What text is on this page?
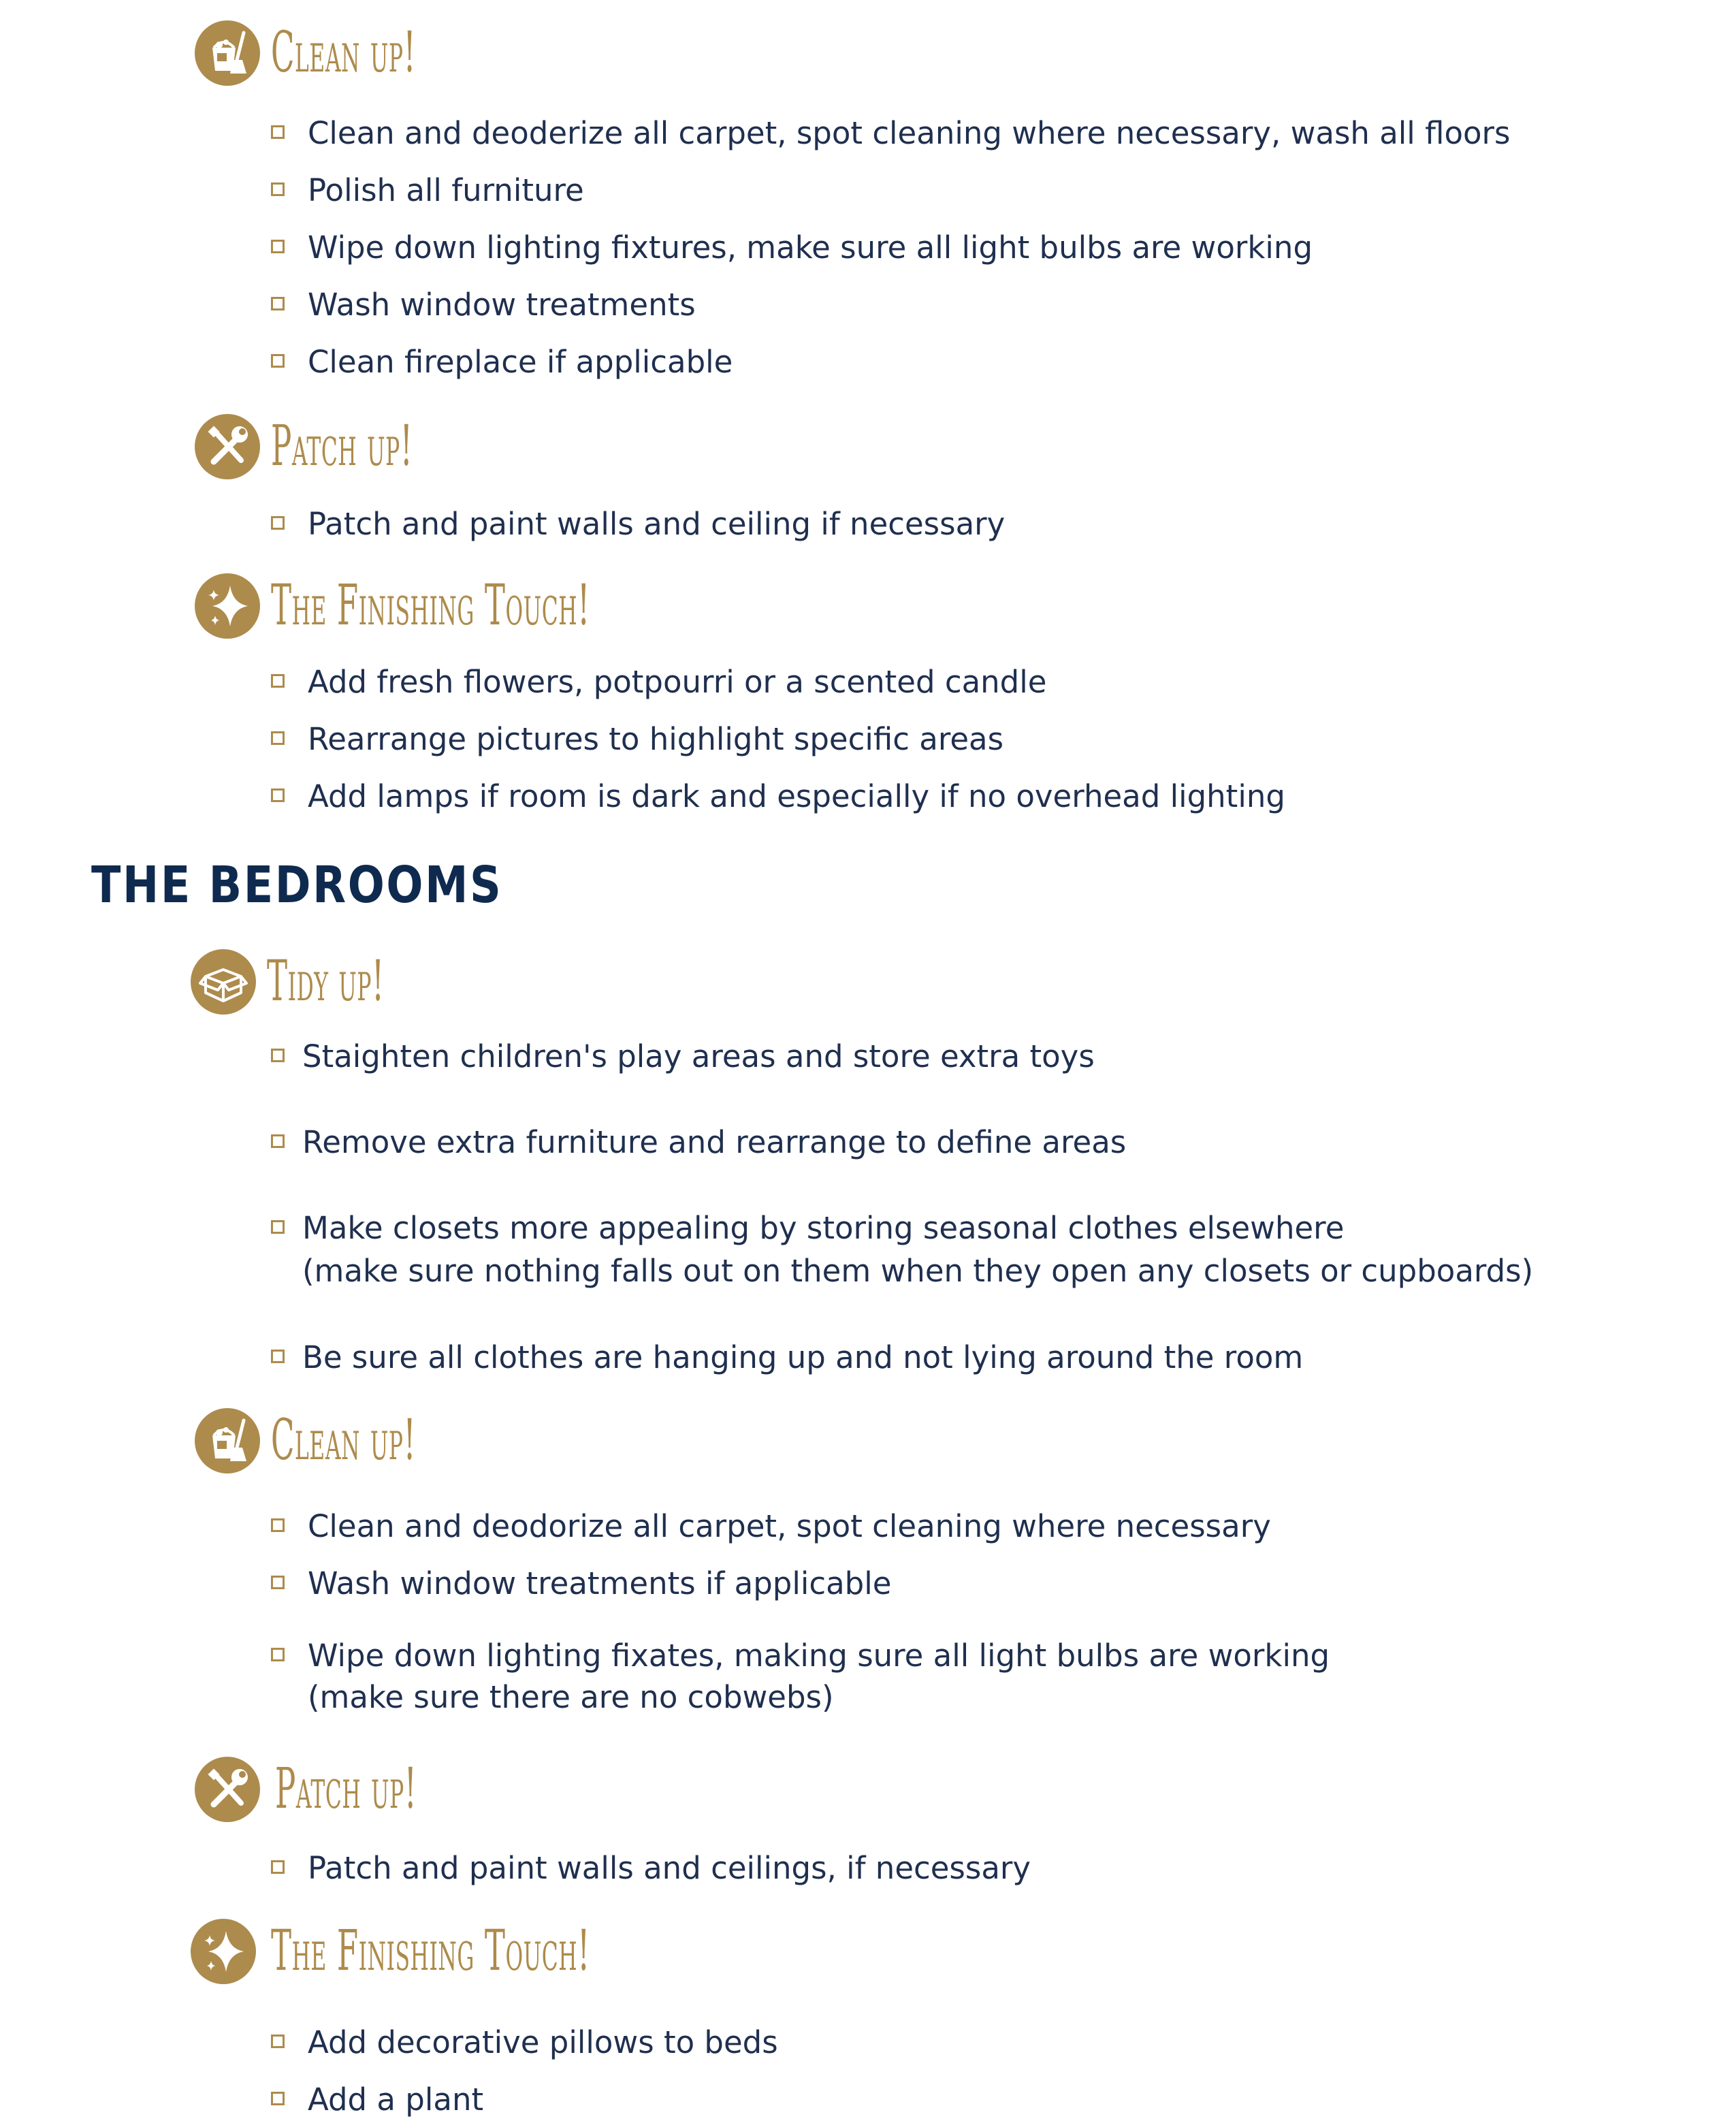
Clean up!

Clean and deoderize all carpet, spot cleaning where necessary, wash all floors

Polish all furniture

Wipe down lighting fixtures, make sure all light bulbs are working

Wash window treatments

Clean fireplace if applicable

Patch up!

Patch and paint walls and ceiling if necessary

The Finishing Touch!

Add fresh flowers, potpourri or a scented candle

Rearrange pictures to highlight specific areas

Add lamps if room is dark and especially if no overhead lighting

THE BEDROOMS
Tidy up!

Staighten children's play areas and store extra toys

Remove extra furniture and rearrange to define areas

Make closets more appealing by storing seasonal clothes elsewhere

(make sure nothing falls out on them when they open any closets or cupboards)

Be sure all clothes are hanging up and not lying around the room

Clean up!

Clean and deodorize all carpet, spot cleaning where necessary

Wash window treatments if applicable

Wipe down lighting fixates, making sure all light bulbs are working

(make sure there are no cobwebs)

Patch up!

Patch and paint walls and ceilings, if necessary

The Finishing Touch!

Add decorative pillows to beds

Add a plant
